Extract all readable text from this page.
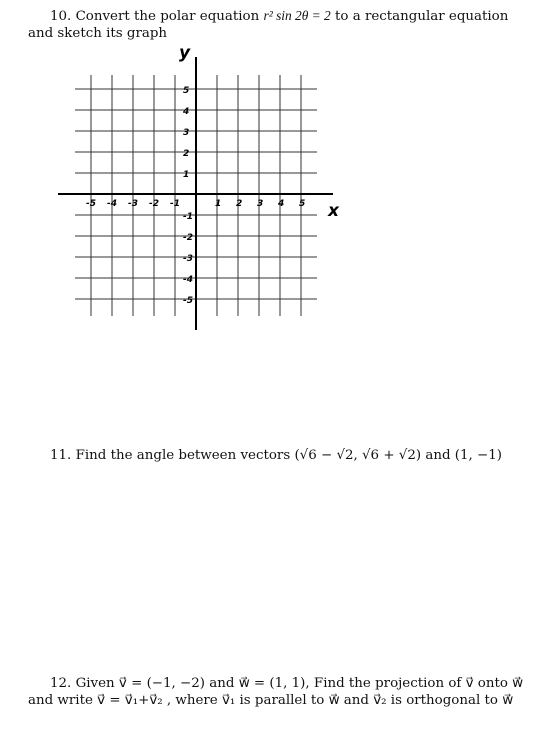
10. Convert the polar equation r² sin 2θ = 2 to a rectangular equation and sketch its graph
-5 -4 -3 -2 -1	1 2 3 4 5
5
4
3
2
1
-1
-2
-3
-4
-5
x
y
11. Find the angle between vectors (√6 − √2, √6 + √2) and (1, −1)
12. Given v⃗ = (−1, −2) and w⃗ = (1, 1), Find the projection of v⃗ onto w⃗ and write v⃗ = v⃗₁+v⃗₂ , where v⃗₁ is parallel to w⃗ and v⃗₂ is orthogonal to w⃗
